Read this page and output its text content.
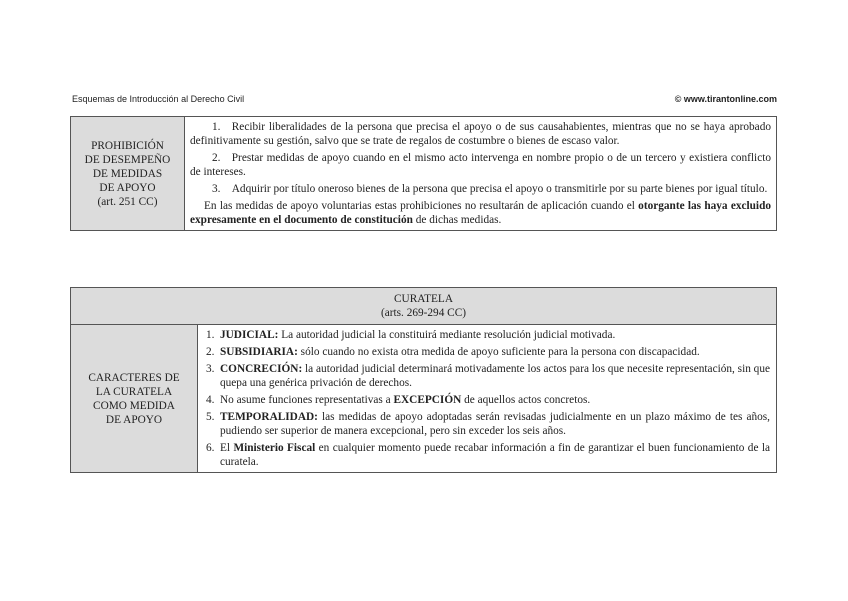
Esquemas de Introducción al Derecho Civil	© www.tirantonline.com
PROHIBICIÓN
DE DESEMPEÑO
DE MEDIDAS
DE APOYO
(art. 251 CC)

1. Recibir liberalidades de la persona que precisa el apoyo o de sus causahabientes, mientras que no se haya aprobado definitivamente su gestión, salvo que se trate de regalos de costumbre o bienes de escaso valor.

2. Prestar medidas de apoyo cuando en el mismo acto intervenga en nombre propio o de un tercero y existiera conflicto de intereses.

3. Adquirir por título oneroso bienes de la persona que precisa el apoyo o transmitirle por su parte bienes por igual título.

En las medidas de apoyo voluntarias estas prohibiciones no resultarán de aplicación cuando el otorgante las haya excluido expresamente en el documento de constitución de dichas medidas.

CURATELA
(arts. 269-294 CC)

CARACTERES DE
LA CURATELA
COMO MEDIDA
DE APOYO

1. JUDICIAL: La autoridad judicial la constituirá mediante resolución judicial motivada.
2. SUBSIDIARIA: sólo cuando no exista otra medida de apoyo suficiente para la persona con discapacidad.
3. CONCRECIÓN: la autoridad judicial determinará motivadamente los actos para los que necesite representación, sin que quepa una genérica privación de derechos.
4. No asume funciones representativas a EXCEPCIÓN de aquellos actos concretos.
5. TEMPORALIDAD: las medidas de apoyo adoptadas serán revisadas judicialmente en un plazo máximo de tes años, pudiendo ser superior de manera excepcional, pero sin exceder los seis años.
6. El Ministerio Fiscal en cualquier momento puede recabar información a fin de garantizar el buen funcionamiento de la curatela.
